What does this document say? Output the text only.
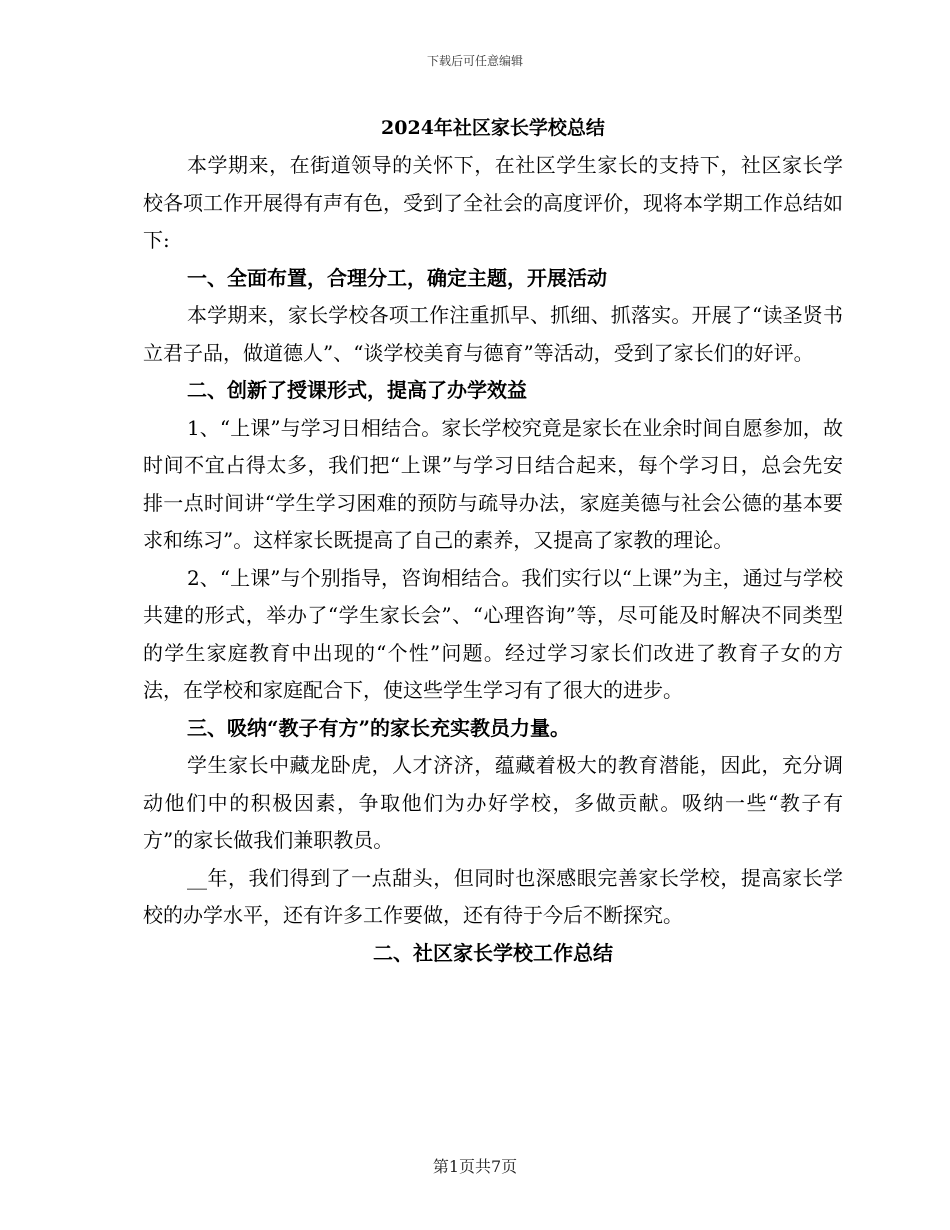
下载后可任意编辑

2024年社区家长学校总结

本学期来，在街道领导的关怀下，在社区学生家长的支持下，社区家长学校各项工作开展得有声有色，受到了全社会的高度评价，现将本学期工作总结如下:

一、全面布置，合理分工，确定主题，开展活动

本学期来，家长学校各项工作注重抓早、抓细、抓落实。开展了“读圣贤书立君子品，做道德人”、“谈学校美育与德育”等活动，受到了家长们的好评。

二、创新了授课形式，提高了办学效益

1、“上课”与学习日相结合。家长学校究竟是家长在业余时间自愿参加，故时间不宜占得太多，我们把“上课”与学习日结合起来，每个学习日，总会先安排一点时间讲“学生学习困难的预防与疏导办法，家庭美德与社会公德的基本要求和练习”。这样家长既提高了自己的素养，又提高了家教的理论。

2、“上课”与个别指导，咨询相结合。我们实行以“上课”为主，通过与学校共建的形式，举办了“学生家长会”、“心理咨询”等，尽可能及时解决不同类型的学生家庭教育中出现的“个性”问题。经过学习家长们改进了教育子女的方法，在学校和家庭配合下，使这些学生学习有了很大的进步。

三、吸纳“教子有方”的家长充实教员力量。

学生家长中藏龙卧虎，人才济济，蕴藏着极大的教育潜能，因此，充分调动他们中的积极因素，争取他们为办好学校，多做贡献。吸纳一些“教子有方”的家长做我们兼职教员。

__年，我们得到了一点甜头，但同时也深感眼完善家长学校，提高家长学校的办学水平，还有许多工作要做，还有待于今后不断探究。

二、社区家长学校工作总结

第1页共7页
